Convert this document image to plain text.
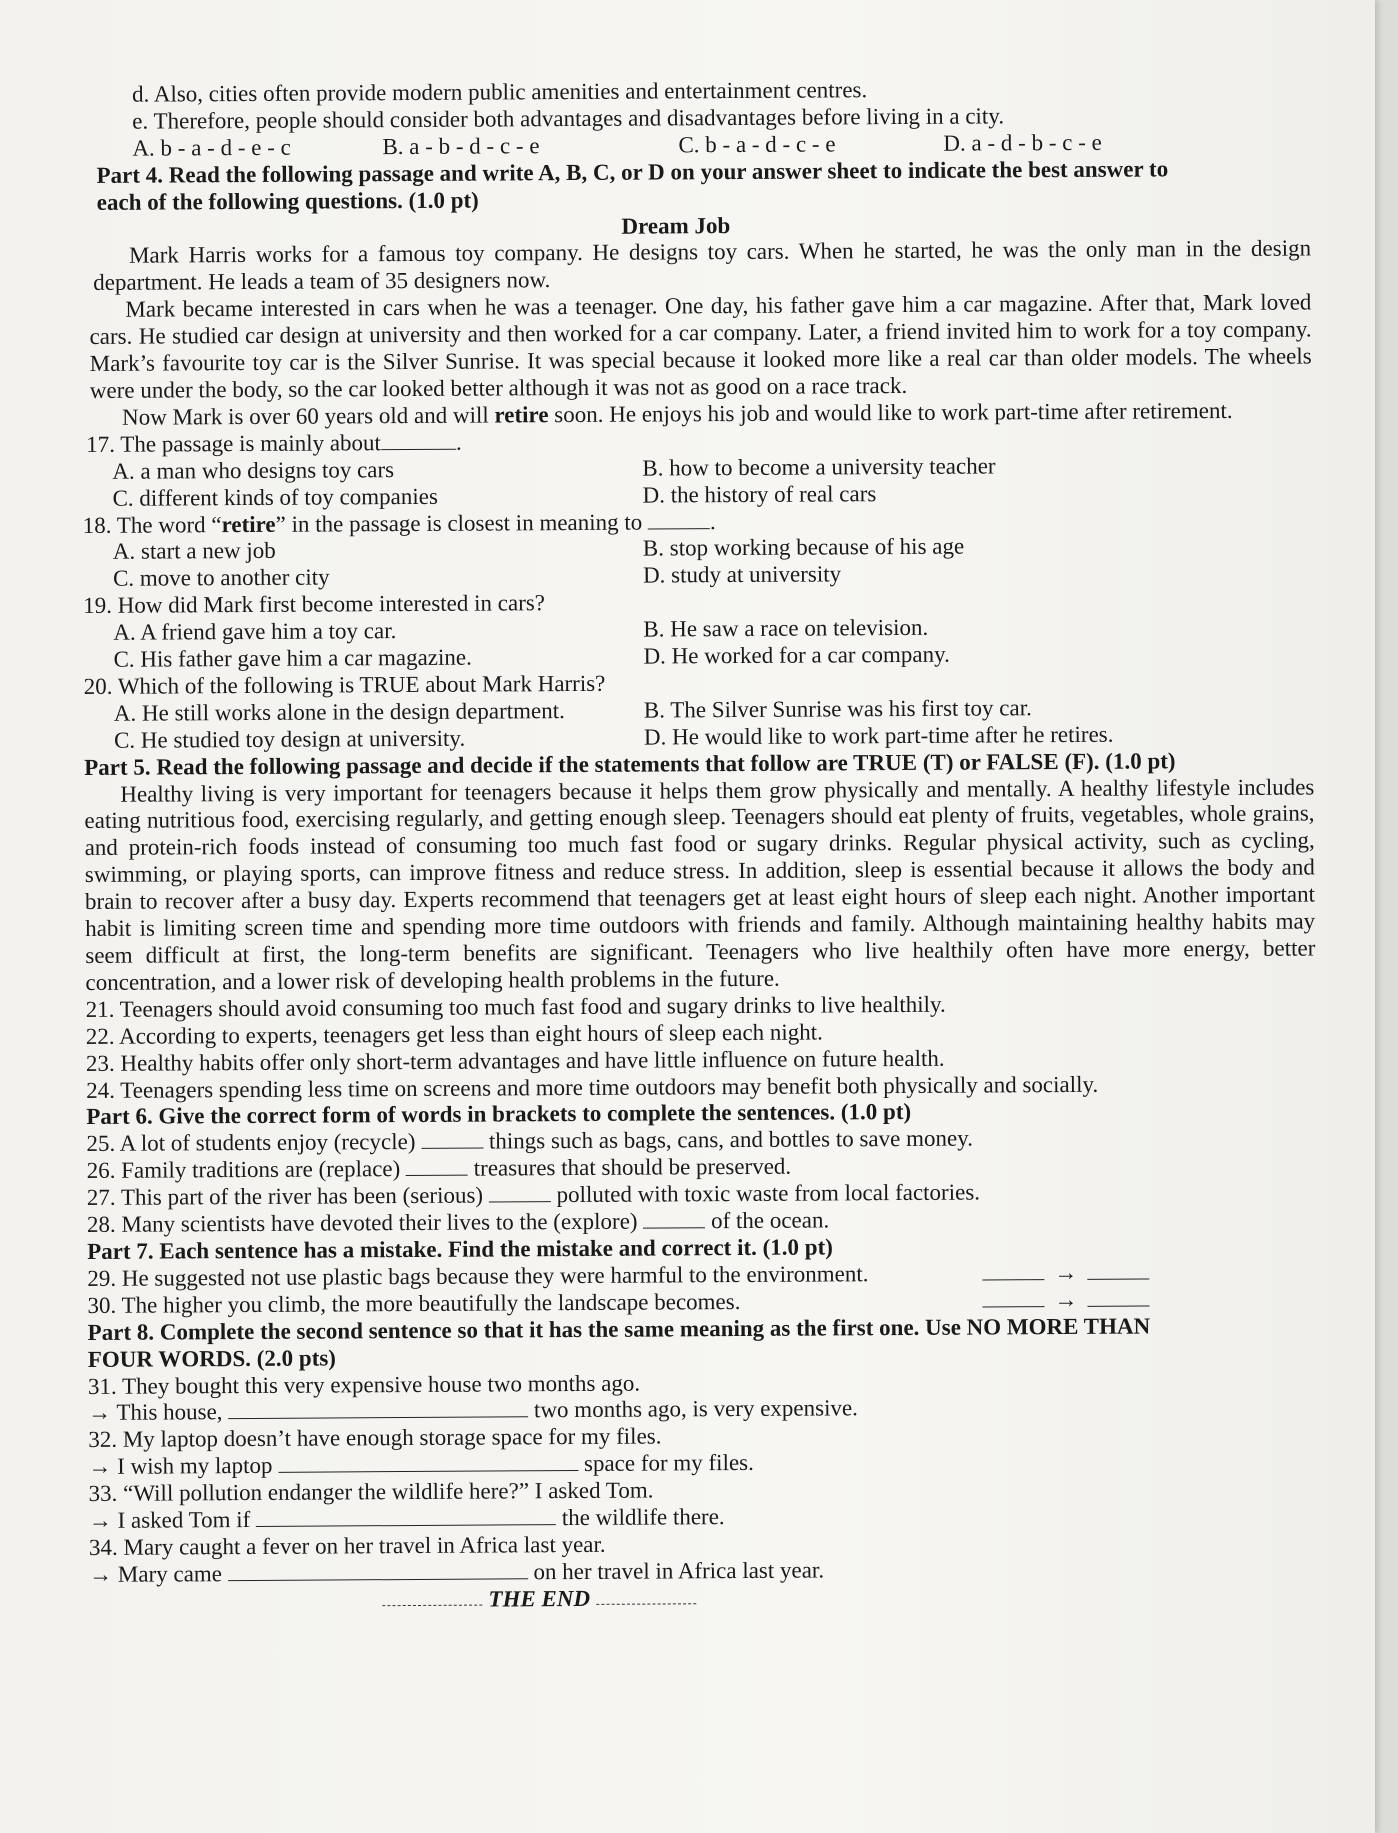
d. Also, cities often provide modern public amenities and entertainment centres.
e. Therefore, people should consider both advantages and disadvantages before living in a city.
A. b - a - d - e - c	B. a - b - d - c - e	C. b - a - d - c - e	D. a - d - b - c - e
Part 4. Read the following passage and write A, B, C, or D on your answer sheet to indicate the best answer to
each of the following questions. (1.0 pt)
Dream Job
Mark Harris works for a famous toy company. He designs toy cars. When he started, he was the only man in the design department. He leads a team of 35 designers now.
Mark became interested in cars when he was a teenager. One day, his father gave him a car magazine. After that, Mark loved cars. He studied car design at university and then worked for a car company. Later, a friend invited him to work for a toy company. Mark’s favourite toy car is the Silver Sunrise. It was special because it looked more like a real car than older models. The wheels were under the body, so the car looked better although it was not as good on a race track.
Now Mark is over 60 years old and will retire soon. He enjoys his job and would like to work part-time after retirement.
17. The passage is mainly about	.
A. a man who designs toy cars	B. how to become a university teacher
C. different kinds of toy companies	D. the history of real cars
18. The word “retire” in the passage is closest in meaning to	.
A. start a new job	B. stop working because of his age
C. move to another city	D. study at university
19. How did Mark first become interested in cars?
A. A friend gave him a toy car.	B. He saw a race on television.
C. His father gave him a car magazine.	D. He worked for a car company.
20. Which of the following is TRUE about Mark Harris?
A. He still works alone in the design department.	B. The Silver Sunrise was his first toy car.
C. He studied toy design at university.	D. He would like to work part-time after he retires.
Part 5. Read the following passage and decide if the statements that follow are TRUE (T) or FALSE (F). (1.0 pt)
Healthy living is very important for teenagers because it helps them grow physically and mentally. A healthy lifestyle includes eating nutritious food, exercising regularly, and getting enough sleep. Teenagers should eat plenty of fruits, vegetables, whole grains, and protein-rich foods instead of consuming too much fast food or sugary drinks. Regular physical activity, such as cycling, swimming, or playing sports, can improve fitness and reduce stress. In addition, sleep is essential because it allows the body and brain to recover after a busy day. Experts recommend that teenagers get at least eight hours of sleep each night. Another important habit is limiting screen time and spending more time outdoors with friends and family. Although maintaining healthy habits may seem difficult at first, the long-term benefits are significant. Teenagers who live healthily often have more energy, better concentration, and a lower risk of developing health problems in the future.
21. Teenagers should avoid consuming too much fast food and sugary drinks to live healthily.
22. According to experts, teenagers get less than eight hours of sleep each night.
23. Healthy habits offer only short-term advantages and have little influence on future health.
24. Teenagers spending less time on screens and more time outdoors may benefit both physically and socially.
Part 6. Give the correct form of words in brackets to complete the sentences. (1.0 pt)
25. A lot of students enjoy (recycle)	things such as bags, cans, and bottles to save money.
26. Family traditions are (replace)	treasures that should be preserved.
27. This part of the river has been (serious)	polluted with toxic waste from local factories.
28. Many scientists have devoted their lives to the (explore)	of the ocean.
Part 7. Each sentence has a mistake. Find the mistake and correct it. (1.0 pt)
29. He suggested not use plastic bags because they were harmful to the environment.	→
30. The higher you climb, the more beautifully the landscape becomes.	→
Part 8. Complete the second sentence so that it has the same meaning as the first one. Use NO MORE THAN
FOUR WORDS. (2.0 pts)
31. They bought this very expensive house two months ago.
→ This house,	two months ago, is very expensive.
32. My laptop doesn’t have enough storage space for my files.
→ I wish my laptop	space for my files.
33. “Will pollution endanger the wildlife here?” I asked Tom.
→ I asked Tom if	the wildlife there.
34. Mary caught a fever on her travel in Africa last year.
→ Mary came	on her travel in Africa last year.
THE END
